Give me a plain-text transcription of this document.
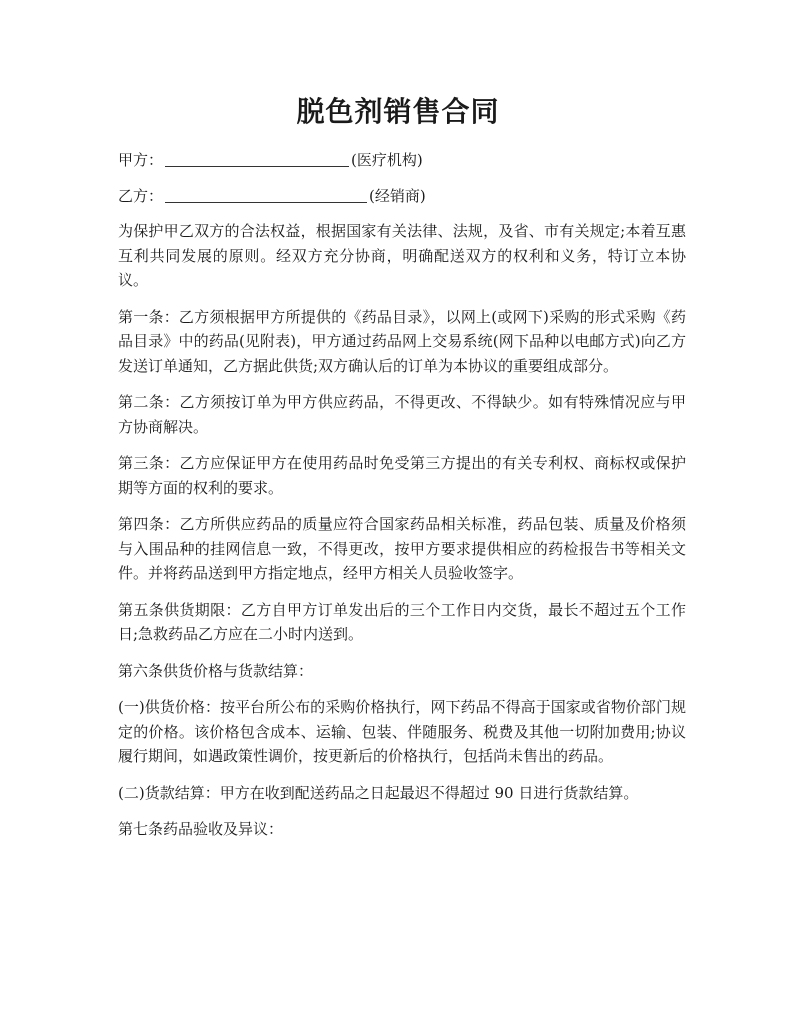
脱色剂销售合同

甲方：	(医疗机构)

乙方：	(经销商)

为保护甲乙双方的合法权益，根据国家有关法律、法规，及省、市有关规定;本着互惠互利共同发展的原则。经双方充分协商，明确配送双方的权利和义务，特订立本协议。

第一条：乙方须根据甲方所提供的《药品目录》，以网上(或网下)采购的形式采购《药品目录》中的药品(见附表)，甲方通过药品网上交易系统(网下品种以电邮方式)向乙方发送订单通知，乙方据此供货;双方确认后的订单为本协议的重要组成部分。

第二条：乙方须按订单为甲方供应药品，不得更改、不得缺少。如有特殊情况应与甲方协商解决。

第三条：乙方应保证甲方在使用药品时免受第三方提出的有关专利权、商标权或保护期等方面的权利的要求。

第四条：乙方所供应药品的质量应符合国家药品相关标准，药品包装、质量及价格须与入围品种的挂网信息一致，不得更改，按甲方要求提供相应的药检报告书等相关文件。并将药品送到甲方指定地点，经甲方相关人员验收签字。

第五条供货期限：乙方自甲方订单发出后的三个工作日内交货，最长不超过五个工作日;急救药品乙方应在二小时内送到。

第六条供货价格与货款结算：

(一)供货价格：按平台所公布的采购价格执行，网下药品不得高于国家或省物价部门规定的价格。该价格包含成本、运输、包装、伴随服务、税费及其他一切附加费用;协议履行期间，如遇政策性调价，按更新后的价格执行，包括尚未售出的药品。

(二)货款结算：甲方在收到配送药品之日起最迟不得超过 90 日进行货款结算。

第七条药品验收及异议：
